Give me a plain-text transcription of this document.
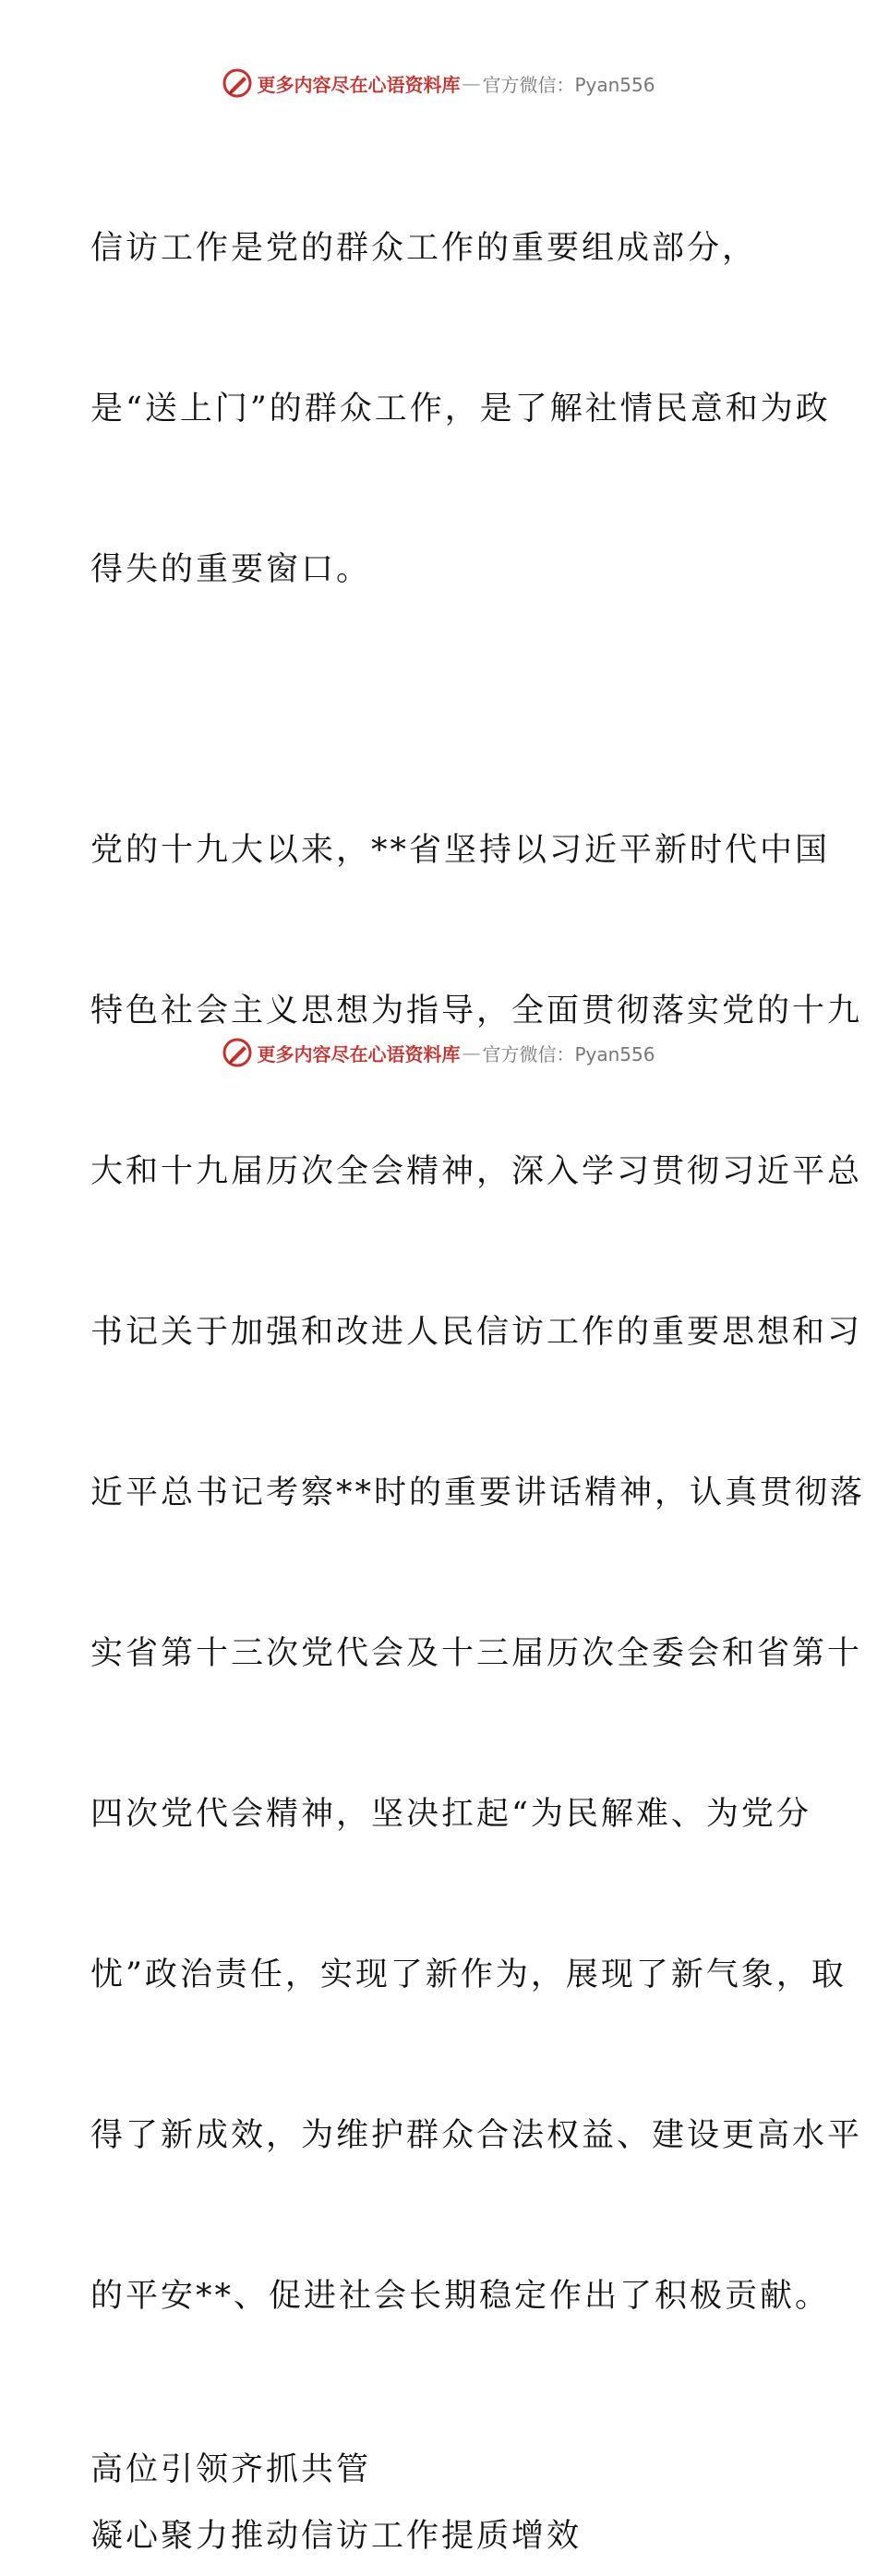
更多内容尽在心语资料库 — 官方微信：Pyan556

信访工作是党的群众工作的重要组成部分，

是“送上门”的群众工作，是了解社情民意和为政

得失的重要窗口。

党的十九大以来，**省坚持以习近平新时代中国

特色社会主义思想为指导，全面贯彻落实党的十九

大和十九届历次全会精神，深入学习贯彻习近平总

书记关于加强和改进人民信访工作的重要思想和习

近平总书记考察**时的重要讲话精神，认真贯彻落

实省第十三次党代会及十三届历次全委会和省第十

四次党代会精神，坚决扛起“为民解难、为党分

忧”政治责任，实现了新作为，展现了新气象，取

得了新成效，为维护群众合法权益、建设更高水平

的平安**、促进社会长期稳定作出了积极贡献。

高位引领齐抓共管

凝心聚力推动信访工作提质增效

更多内容尽在心语资料库 — 官方微信：Pyan556
